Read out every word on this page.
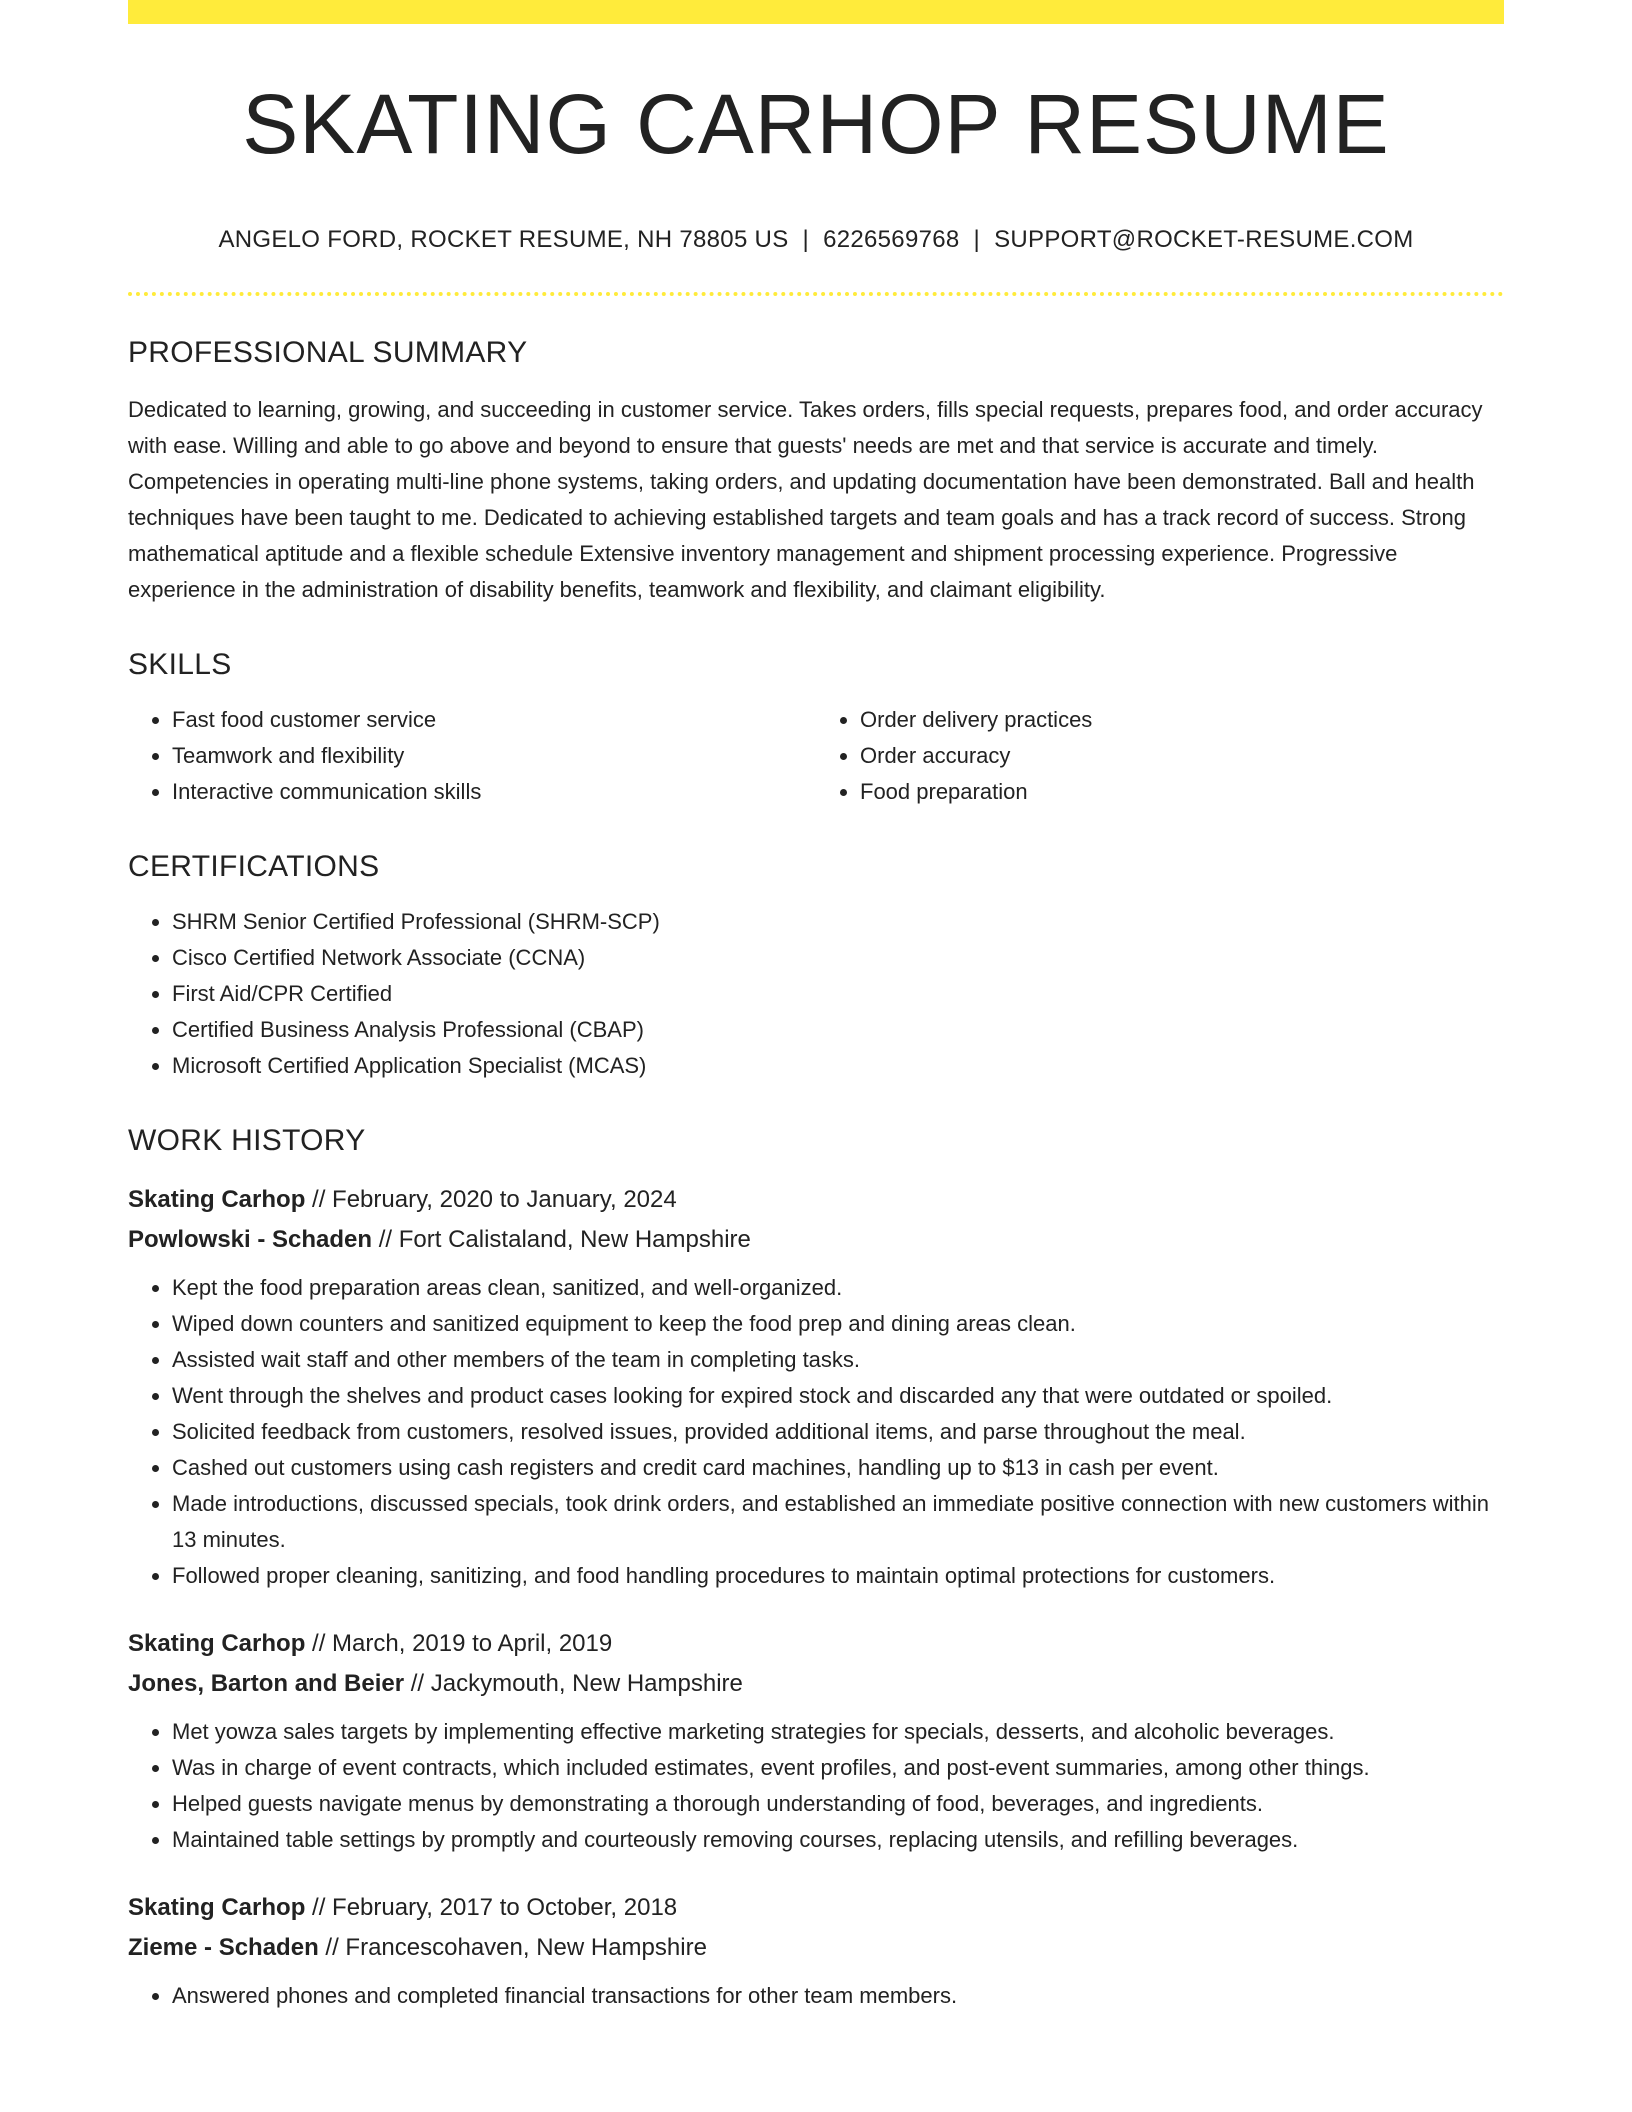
SKATING CARHOP RESUME
ANGELO FORD, ROCKET RESUME, NH 78805 US | 6226569768 | SUPPORT@ROCKET-RESUME.COM
PROFESSIONAL SUMMARY

Dedicated to learning, growing, and succeeding in customer service. Takes orders, fills special requests, prepares food, and order accuracy with ease. Willing and able to go above and beyond to ensure that guests' needs are met and that service is accurate and timely. Competencies in operating multi-line phone systems, taking orders, and updating documentation have been demonstrated. Ball and health techniques have been taught to me. Dedicated to achieving established targets and team goals and has a track record of success. Strong mathematical aptitude and a flexible schedule Extensive inventory management and shipment processing experience. Progressive experience in the administration of disability benefits, teamwork and flexibility, and claimant eligibility.

SKILLS
• Fast food customer service
• Teamwork and flexibility
• Interactive communication skills
• Order delivery practices
• Order accuracy
• Food preparation
CERTIFICATIONS
• SHRM Senior Certified Professional (SHRM-SCP)
• Cisco Certified Network Associate (CCNA)
• First Aid/CPR Certified
• Certified Business Analysis Professional (CBAP)
• Microsoft Certified Application Specialist (MCAS)
WORK HISTORY
Skating Carhop // February, 2020 to January, 2024
Powlowski - Schaden // Fort Calistaland, New Hampshire
• Kept the food preparation areas clean, sanitized, and well-organized.
• Wiped down counters and sanitized equipment to keep the food prep and dining areas clean.
• Assisted wait staff and other members of the team in completing tasks.
• Went through the shelves and product cases looking for expired stock and discarded any that were outdated or spoiled.
• Solicited feedback from customers, resolved issues, provided additional items, and parse throughout the meal.
• Cashed out customers using cash registers and credit card machines, handling up to $13 in cash per event.
• Made introductions, discussed specials, took drink orders, and established an immediate positive connection with new customers within 13 minutes.
• Followed proper cleaning, sanitizing, and food handling procedures to maintain optimal protections for customers.
Skating Carhop // March, 2019 to April, 2019
Jones, Barton and Beier // Jackymouth, New Hampshire
• Met yowza sales targets by implementing effective marketing strategies for specials, desserts, and alcoholic beverages.
• Was in charge of event contracts, which included estimates, event profiles, and post-event summaries, among other things.
• Helped guests navigate menus by demonstrating a thorough understanding of food, beverages, and ingredients.
• Maintained table settings by promptly and courteously removing courses, replacing utensils, and refilling beverages.
Skating Carhop // February, 2017 to October, 2018
Zieme - Schaden // Francescohaven, New Hampshire
• Answered phones and completed financial transactions for other team members.
